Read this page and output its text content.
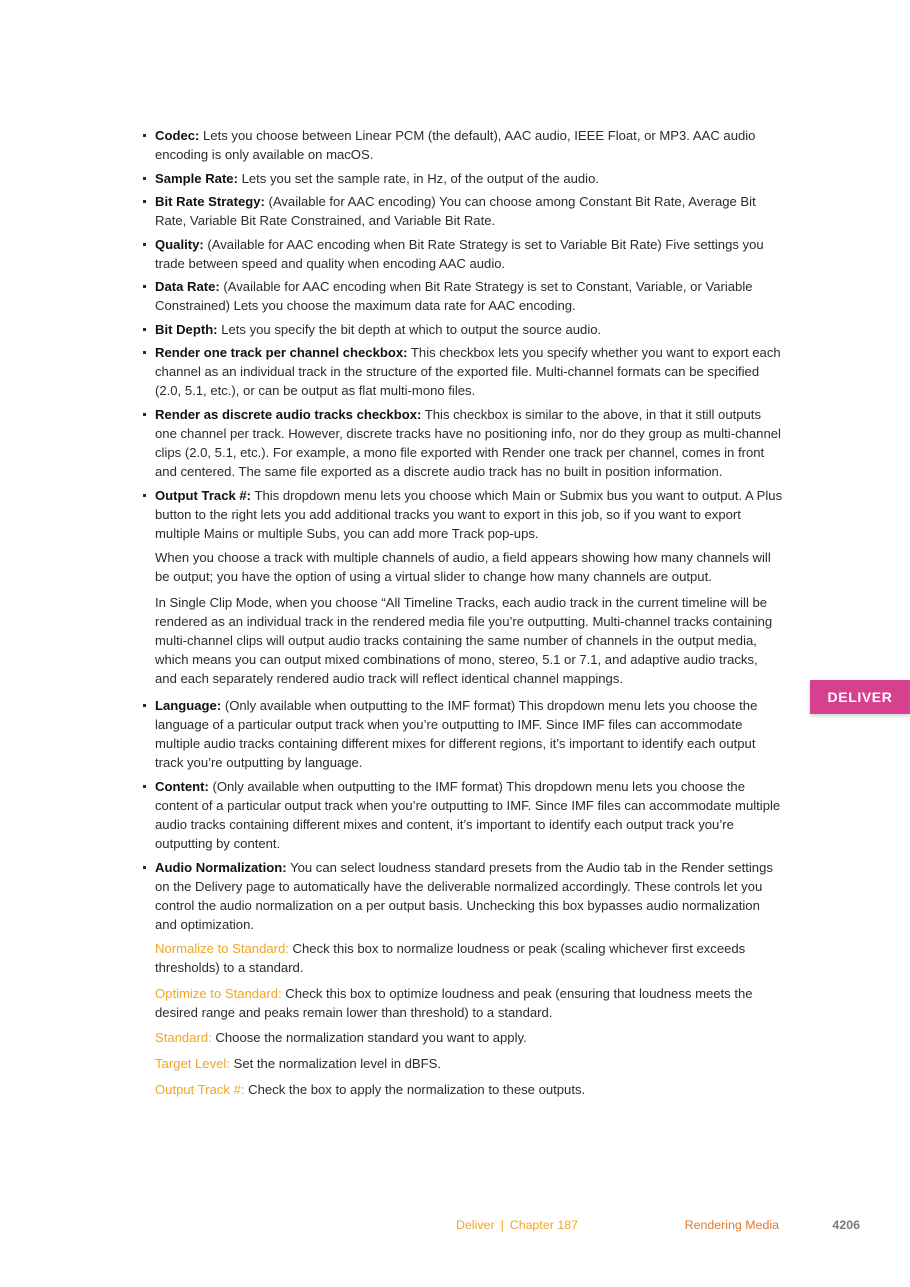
Codec: Lets you choose between Linear PCM (the default), AAC audio, IEEE Float, or MP3. AAC audio encoding is only available on macOS.
Sample Rate: Lets you set the sample rate, in Hz, of the output of the audio.
Bit Rate Strategy: (Available for AAC encoding) You can choose among Constant Bit Rate, Average Bit Rate, Variable Bit Rate Constrained, and Variable Bit Rate.
Quality: (Available for AAC encoding when Bit Rate Strategy is set to Variable Bit Rate) Five settings you trade between speed and quality when encoding AAC audio.
Data Rate: (Available for AAC encoding when Bit Rate Strategy is set to Constant, Variable, or Variable Constrained) Lets you choose the maximum data rate for AAC encoding.
Bit Depth: Lets you specify the bit depth at which to output the source audio.
Render one track per channel checkbox: This checkbox lets you specify whether you want to export each channel as an individual track in the structure of the exported file. Multi-channel formats can be specified (2.0, 5.1, etc.), or can be output as flat multi-mono files.
Render as discrete audio tracks checkbox: This checkbox is similar to the above, in that it still outputs one channel per track. However, discrete tracks have no positioning info, nor do they group as multi-channel clips (2.0, 5.1, etc.). For example, a mono file exported with Render one track per channel, comes in front and centered. The same file exported as a discrete audio track has no built in position information.
Output Track #: This dropdown menu lets you choose which Main or Submix bus you want to output. A Plus button to the right lets you add additional tracks you want to export in this job, so if you want to export multiple Mains or multiple Subs, you can add more Track pop-ups.

When you choose a track with multiple channels of audio, a field appears showing how many channels will be output; you have the option of using a virtual slider to change how many channels are output.

In Single Clip Mode, when you choose “All Timeline Tracks, each audio track in the current timeline will be rendered as an individual track in the rendered media file you’re outputting. Multi-channel tracks containing multi-channel clips will output audio tracks containing the same number of channels in the output media, which means you can output mixed combinations of mono, stereo, 5.1 or 7.1, and adaptive audio tracks, and each separately rendered audio track will reflect identical channel mappings.

Language: (Only available when outputting to the IMF format) This dropdown menu lets you choose the language of a particular output track when you’re outputting to IMF. Since IMF files can accommodate multiple audio tracks containing different mixes for different regions, it’s important to identify each output track you’re outputting by language.
Content: (Only available when outputting to the IMF format) This dropdown menu lets you choose the content of a particular output track when you’re outputting to IMF. Since IMF files can accommodate multiple audio tracks containing different mixes and content, it’s important to identify each output track you’re outputting by content.
Audio Normalization: You can select loudness standard presets from the Audio tab in the Render settings on the Delivery page to automatically have the deliverable normalized accordingly. These controls let you control the audio normalization on a per output basis. Unchecking this box bypasses audio normalization and optimization.

Normalize to Standard: Check this box to normalize loudness or peak (scaling whichever first exceeds thresholds) to a standard.

Optimize to Standard: Check this box to optimize loudness and peak (ensuring that loudness meets the desired range and peaks remain lower than threshold) to a standard.

Standard: Choose the normalization standard you want to apply.

Target Level: Set the normalization level in dBFS.

Output Track #: Check the box to apply the normalization to these outputs.

DELIVER
Deliver | Chapter 187	Rendering Media	4206
